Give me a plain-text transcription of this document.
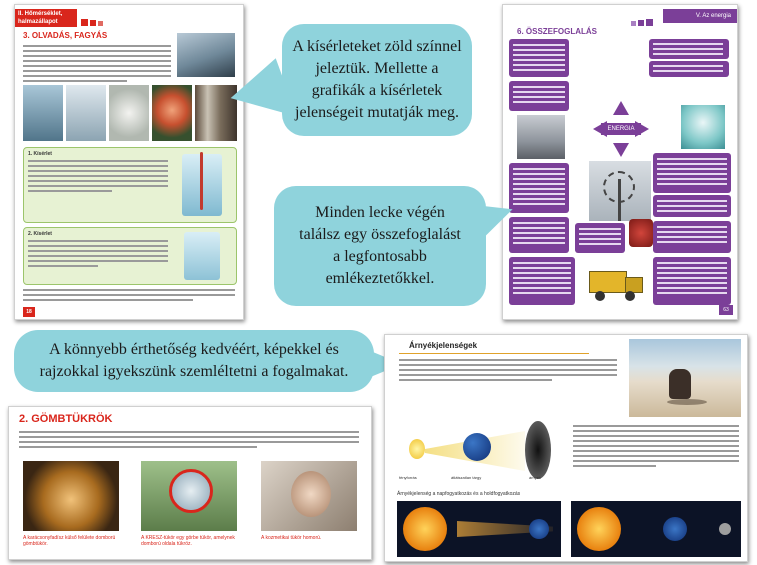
II. Hőmérséklet,
halmazállapot
3. OLVADÁS, FAGYÁS
1. Kísérlet
2. Kísérlet
18
A kísérleteket zöld színnel jeleztük. Mellette a grafikák a kísérletek jelenségeit mutatják meg.
V. Az energia
6. ÖSSZEFOGLALÁS
ENERGIA
63
Minden lecke végén találsz egy összefoglalást a legfontosabb emlékeztetőkkel.
A könnyebb érthetőség kedvéért, képekkel és rajzokkal igyekszünk szemléltetni a fogalmakat.
Árnyékjelenségek
fényforrás	átlátszatlan tárgy	árnyék
Árnyékjelenség a napfogyatkozás és a holdfogyatkozás
2. GÖMBTÜKRÖK
A karácsonyfadísz külső felülete domború gömbtükör.
A KRESZ-tükör egy görbe tükör, amelynek domború oldala tükröz.
A kozmetikai tükör homorú.
